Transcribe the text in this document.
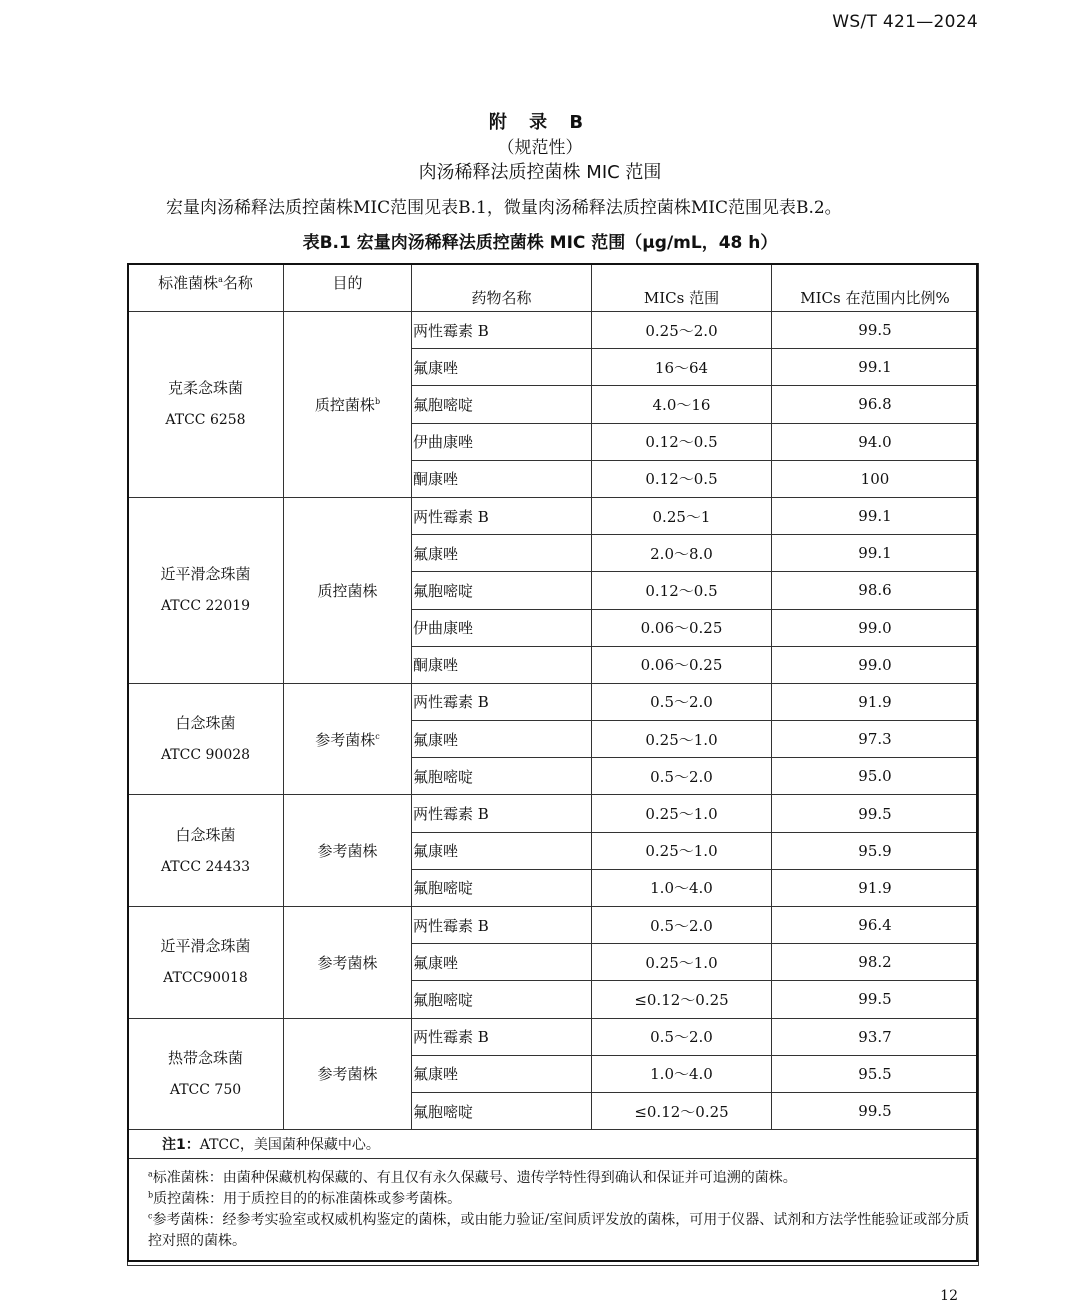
WS/T 421—2024
附 录 B
（规范性）
肉汤稀释法质控菌株 MIC 范围
宏量肉汤稀释法质控菌株MIC范围见表B.1，微量肉汤稀释法质控菌株MIC范围见表B.2。
表B.1 宏量肉汤稀释法质控菌株 MIC 范围（μg/mL，48 h）
标准菌株$^a$名称	目的	药物名称	MICs 范围	MICs 在范围内比例%

克柔念珠菌
ATCC 6258	质控菌株$^b$	两性霉素 B	0.25～2.0	99.5
		氟康唑	16～64	99.1
		氟胞嘧啶	4.0～16	96.8
		伊曲康唑	0.12～0.5	94.0
		酮康唑	0.12～0.5	100

近平滑念珠菌
ATCC 22019	质控菌株	两性霉素 B	0.25～1	99.1
		氟康唑	2.0～8.0	99.1
		氟胞嘧啶	0.12～0.5	98.6
		伊曲康唑	0.06～0.25	99.0
		酮康唑	0.06～0.25	99.0

白念珠菌
ATCC 90028	参考菌株$^c$	两性霉素 B	0.5～2.0	91.9
		氟康唑	0.25～1.0	97.3
		氟胞嘧啶	0.5～2.0	95.0

白念珠菌
ATCC 24433	参考菌株	两性霉素 B	0.25～1.0	99.5
		氟康唑	0.25～1.0	95.9
		氟胞嘧啶	1.0～4.0	91.9

近平滑念珠菌
ATCC90018	参考菌株	两性霉素 B	0.5～2.0	96.4
		氟康唑	0.25～1.0	98.2
		氟胞嘧啶	≤0.12～0.25	99.5

热带念珠菌
ATCC 750	参考菌株	两性霉素 B	0.5～2.0	93.7
		氟康唑	1.0～4.0	95.5
		氟胞嘧啶	≤0.12～0.25	99.5
注1：ATCC，美国菌种保藏中心。				

$^a$标准菌株：由菌种保藏机构保藏的、有且仅有永久保藏号、遗传学特性得到确认和保证并可追溯的菌株。
$^b$质控菌株：用于质控目的的标准菌株或参考菌株。
$^c$参考菌株：经参考实验室或权威机构鉴定的菌株，或由能力验证/室间质评发放的菌株，可用于仪器、试剂和方法学性能验证或部分质控对照的菌株。				
12
